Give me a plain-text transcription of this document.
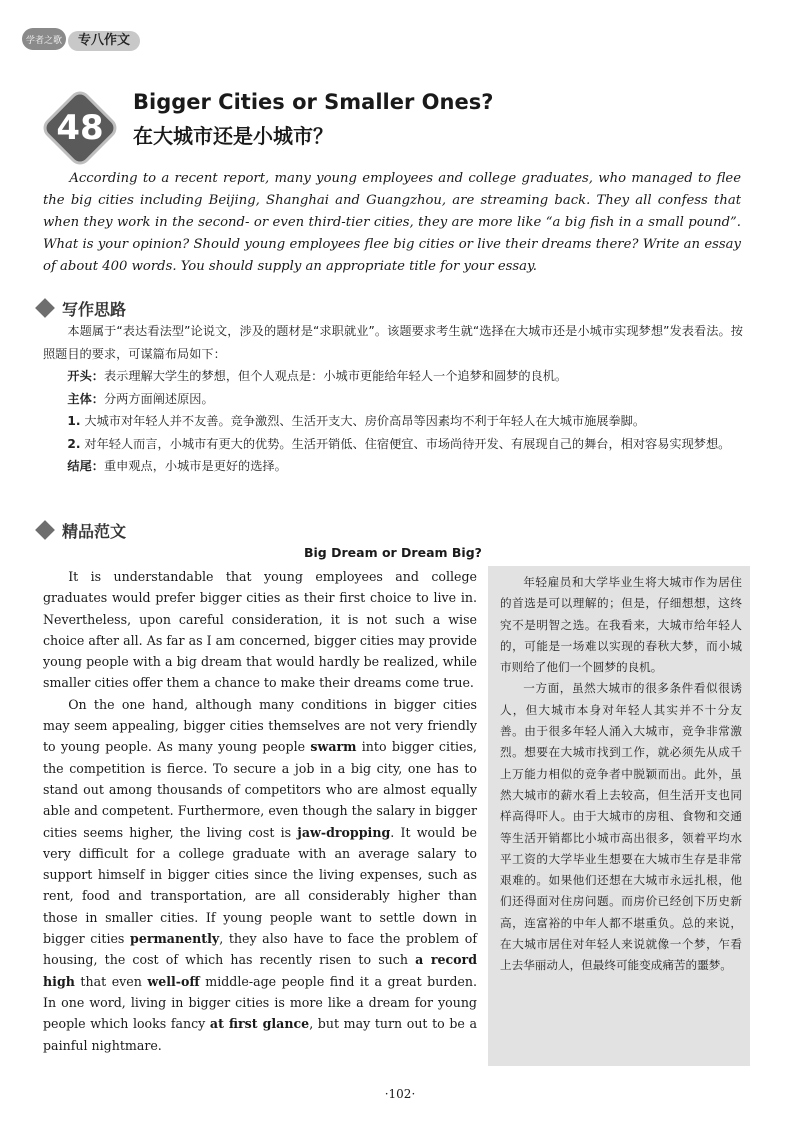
学者之歌	专八作文
48
Bigger Cities or Smaller Ones?
在大城市还是小城市？
According to a recent report, many young employees and college graduates, who managed to flee the big cities including Beijing, Shanghai and Guangzhou, are streaming back. They all confess that when they work in the second- or even third-tier cities, they are more like “a big fish in a small pound”. What is your opinion? Should young employees flee big cities or live their dreams there? Write an essay of about 400 words. You should supply an appropriate title for your essay.
写作思路

本题属于“表达看法型”论说文，涉及的题材是“求职就业”。该题要求考生就“选择在大城市还是小城市实现梦想”发表看法。按照题目的要求，可谋篇布局如下：

开头：表示理解大学生的梦想，但个人观点是：小城市更能给年轻人一个追梦和圆梦的良机。

主体：分两方面阐述原因。

1. 大城市对年轻人并不友善。竞争激烈、生活开支大、房价高昂等因素均不利于年轻人在大城市施展拳脚。

2. 对年轻人而言，小城市有更大的优势。生活开销低、住宿便宜、市场尚待开发、有展现自己的舞台，相对容易实现梦想。

结尾：重申观点，小城市是更好的选择。

精品范文
Big Dream or Dream Big?

It is understandable that young employees and college graduates would prefer bigger cities as their first choice to live in. Nevertheless, upon careful consideration, it is not such a wise choice after all. As far as I am concerned, bigger cities may provide young people with a big dream that would hardly be realized, while smaller cities offer them a chance to make their dreams come true.

On the one hand, although many conditions in bigger cities may seem appealing, bigger cities themselves are not very friendly to young people. As many young people swarm into bigger cities, the competition is fierce. To secure a job in a big city, one has to stand out among thousands of competitors who are almost equally able and competent. Furthermore, even though the salary in bigger cities seems higher, the living cost is jaw-dropping. It would be very difficult for a college graduate with an average salary to support himself in bigger cities since the living expenses, such as rent, food and transportation, are all considerably higher than those in smaller cities. If young people want to settle down in bigger cities permanently, they also have to face the problem of housing, the cost of which has recently risen to such a record high that even well-off middle-age people find it a great burden. In one word, living in bigger cities is more like a dream for young people which looks fancy at first glance, but may turn out to be a painful nightmare.

年轻雇员和大学毕业生将大城市作为居住的首选是可以理解的；但是，仔细想想，这终究不是明智之选。在我看来，大城市给年轻人的，可能是一场难以实现的春秋大梦，而小城市则给了他们一个圆梦的良机。

一方面，虽然大城市的很多条件看似很诱人，但大城市本身对年轻人其实并不十分友善。由于很多年轻人涌入大城市，竞争非常激烈。想要在大城市找到工作，就必须先从成千上万能力相似的竞争者中脱颖而出。此外，虽然大城市的薪水看上去较高，但生活开支也同样高得吓人。由于大城市的房租、食物和交通等生活开销都比小城市高出很多，领着平均水平工资的大学毕业生想要在大城市生存是非常艰难的。如果他们还想在大城市永远扎根，他们还得面对住房问题。而房价已经创下历史新高，连富裕的中年人都不堪重负。总的来说，在大城市居住对年轻人来说就像一个梦，乍看上去华丽动人，但最终可能变成痛苦的噩梦。

·102·
